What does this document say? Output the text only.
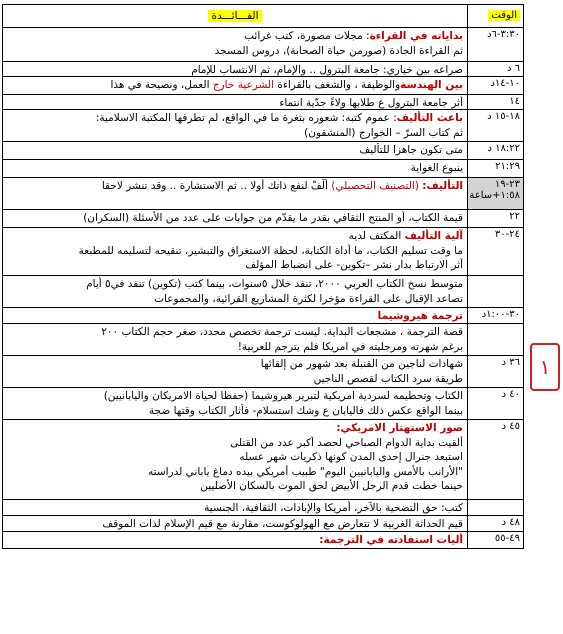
الوقت
الفـــائـــدة
٣:٣٠-٦د
بداياته في القراءة: مجلات مصورة، كتب غرائب
ثم القراءة الجادة (صورمن حياة الصحابة)، دروس المسجد
٦ د
صراعه بين خياري: جامعة البترول .. والإمام، ثم الانتساب للإمام
١٠-١٤د
بين الهندسةوالوظيفة ، والشغف بالقراءة الشرعية خارج العمل، ونصيحة في هذا
١٤
أثر جامعة البترول ع طلابها ولاءً جدّية انتماء
١٨-١٥ د
باعث التأليف: عموم كتبه: شعوره بثغرة ما في الواقع، لم تطرقها المكتبة الاسلامية:
ثم كتاب السرّ – الخوارج (المنشقون)
١٨:٢٢ د
متى تكون جاهزا للتأليف
٢١:٢٩
ينبوع الغواية
٢٣-١٩
١:٥٨+ساعة
التأليف: (التصنيف التحصيلي) ألِّفْ لنفع ذاتك أولا .. ثم الاستشارة .. وقد تنشر لاحقا
٢٢
قيمة الكتاب، أو المنتج الثقافي بقدر ما يقدّم من جوابات على عدد من الأسئلة (السكران)
٢٤-٣٠
آلية التأليف المكتف لديه
ما وقت تسليم الكتاب، ما أداة الكتابة، لحظة الاستغراق والتبشير، تنقيحه لتسليمه للمطبعة
أثر الارتباط بدار نشر –تكوين- على انضباط المؤلف
متوسط نسخ الكتاب العربي ٢٠٠٠، تنفد خلال ٥سنوات، بينما كتب (تكوين) تنفد في٥ أيام
تصاعد الإقبال على القراءة مؤخرا لكثرة المشاريع القرائية، والمجموعات
٣٠-١:٠٠د
ترجمة هيروشيما
قصة الترجمة ، مشجعات البداية. ليست ترجمة تخصص محدد، صغر حجم الكتاب ٢٠٠
برغم شهرته ومرجليته في امريكا فلم يترجم للعربية!
٣٦ د
شهادات لناجين من القنبلة بعد شهور من إلقائها
طريقة سرد الكتاب لقصص الناجين
٤٠ د
الكتاب وتحطيمه لسردية امريكية لتبرير هيروشيما (حفظا لحياة الامريكان واليابانيين)
بينما الواقع عكس ذلك فاليابان ع وشك استسلام- فأثار الكتاب وقتها ضجة
٤٥ د
صور الاستهتار الامريكي:
ألقيت بداية الدوام الصباحي لحصد أكبر عدد من القتلى
استبعد جنرال إحدى المدن كونها ذكريات شهر عسله
"الأرانب بالأمس واليابانيين اليوم" طبيب أمريكي بيده دماغ ياباني لدراسته
حينما خطت قدم الرجل الأبيض لحق الموت بالسكان الأصليين
كتب: حق التضحية بالآخر، أمريكا والإبادات، الثقافية، الجنسية
٤٨ د
قيم الحداثة الغربية لا تتعارض مع الهولوكوست، مقارنة مع قيم الإسلام لذات الموقف
٤٩-٥٥
أليات استفادته في الترجمة:
١
